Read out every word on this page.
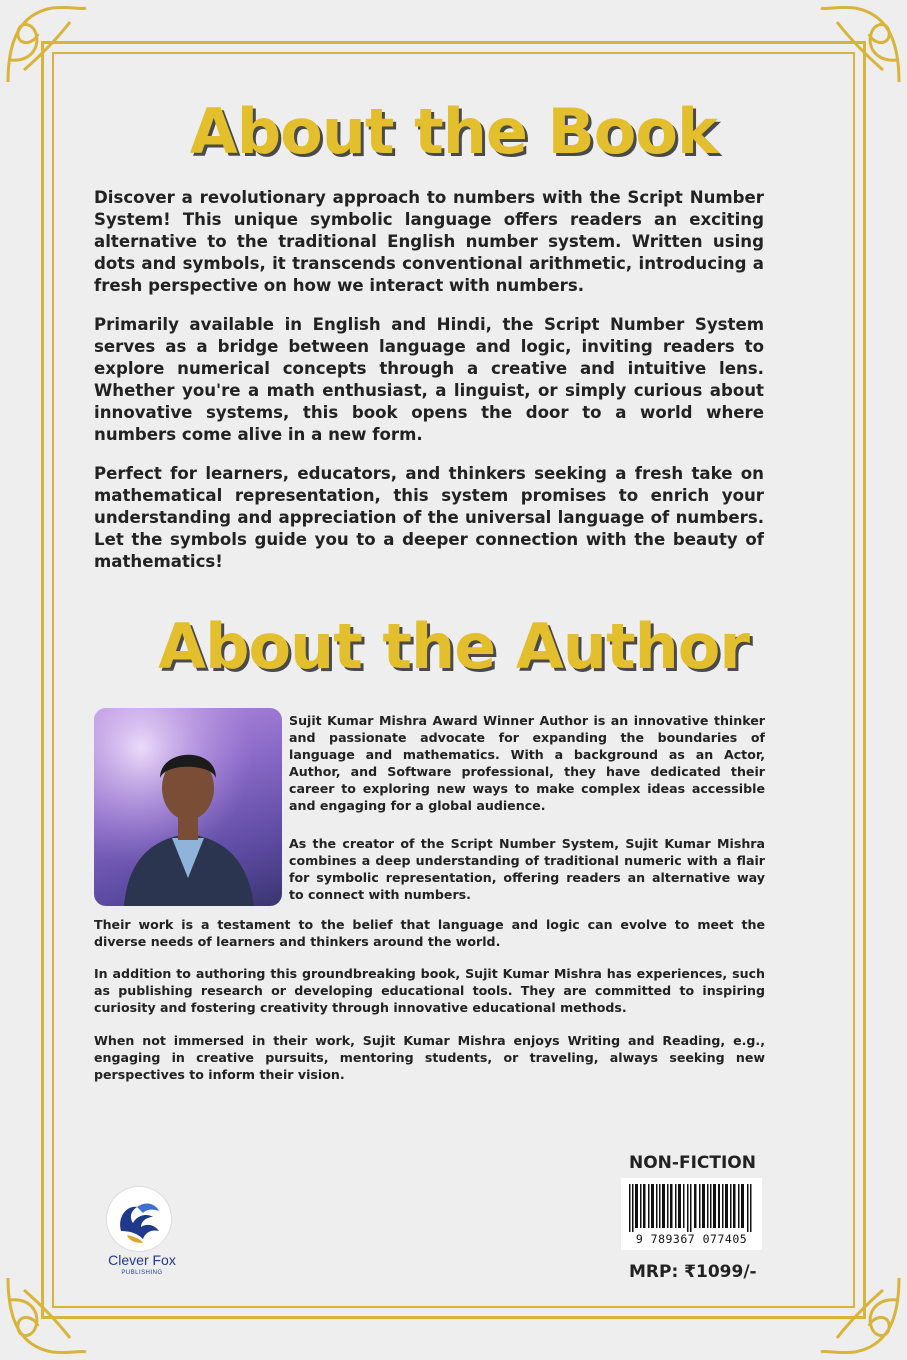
About the Book

Discover a revolutionary approach to numbers with the Script Number System! This unique symbolic language offers readers an exciting alternative to the traditional English number system. Written using dots and symbols, it transcends conventional arithmetic, introducing a fresh perspective on how we interact with numbers.

Primarily available in English and Hindi, the Script Number System serves as a bridge between language and logic, inviting readers to explore numerical concepts through a creative and intuitive lens. Whether you're a math enthusiast, a linguist, or simply curious about innovative systems, this book opens the door to a world where numbers come alive in a new form.

Perfect for learners, educators, and thinkers seeking a fresh take on mathematical representation, this system promises to enrich your understanding and appreciation of the universal language of numbers. Let the symbols guide you to a deeper connection with the beauty of mathematics!

About the Author

Sujit Kumar Mishra Award Winner Author is an innovative thinker and passionate advocate for expanding the boundaries of language and mathematics. With a background as an Actor, Author, and Software professional, they have dedicated their career to exploring new ways to make complex ideas accessible and engaging for a global audience.

As the creator of the Script Number System, Sujit Kumar Mishra combines a deep understanding of traditional numeric with a flair for symbolic representation, offering readers an alternative way to connect with numbers.

Their work is a testament to the belief that language and logic can evolve to meet the diverse needs of learners and thinkers around the world.

In addition to authoring this groundbreaking book, Sujit Kumar Mishra has experiences, such as publishing research or developing educational tools. They are committed to inspiring curiosity and fostering creativity through innovative educational methods.

When not immersed in their work, Sujit Kumar Mishra enjoys Writing and Reading, e.g., engaging in creative pursuits, mentoring students, or traveling, always seeking new perspectives to inform their vision.

NON-FICTION
9 789367 077405
MRP: ₹1099/-
Clever Fox
PUBLISHING
